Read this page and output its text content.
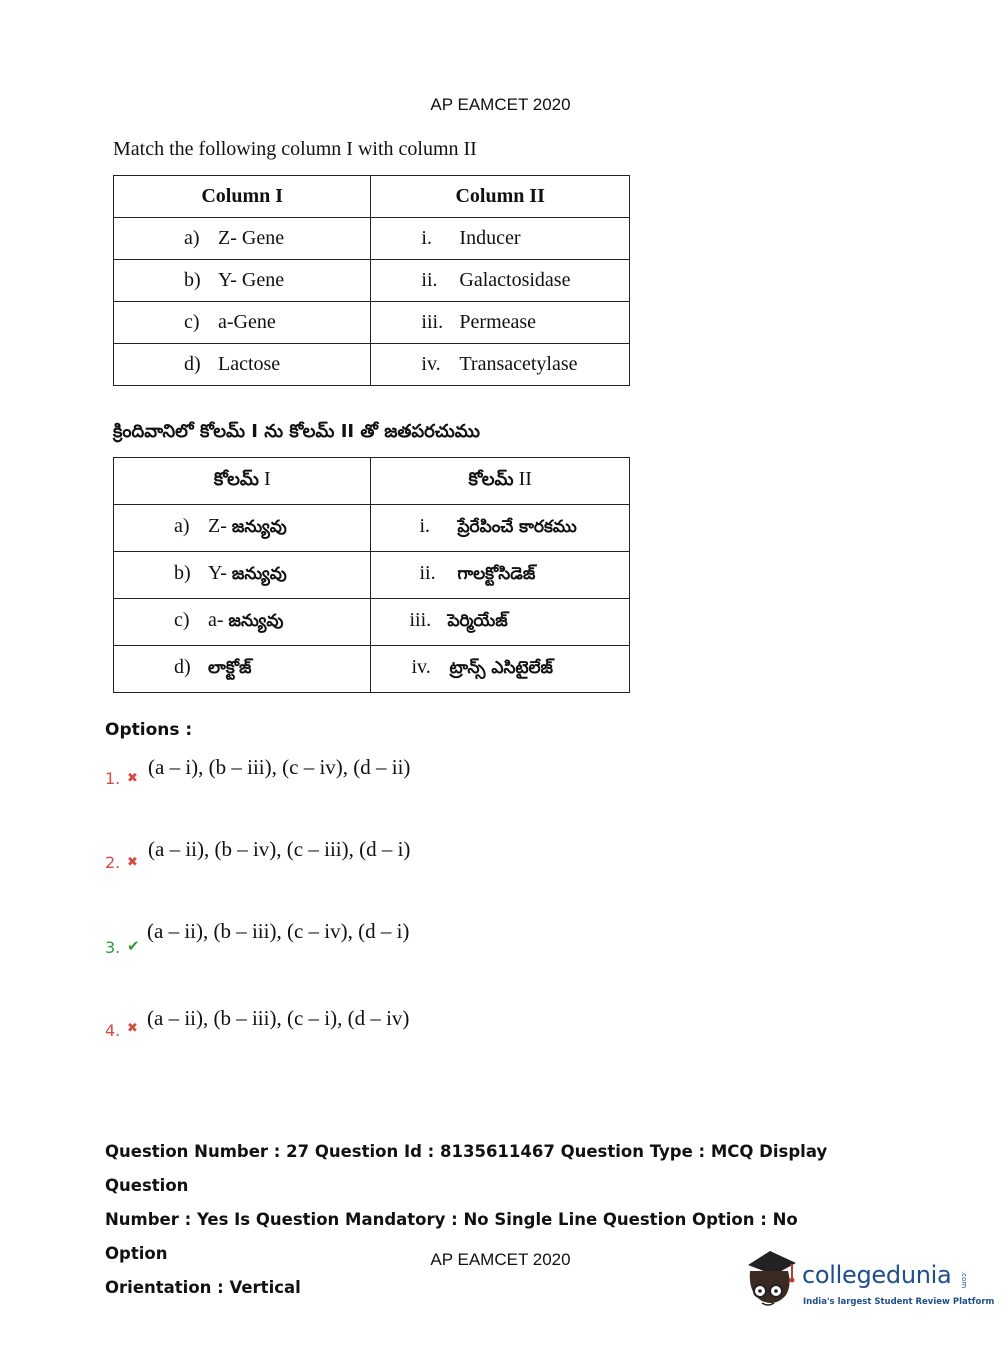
AP EAMCET 2020
Match the following column I with column II
Column I	Column II
a) Z- Gene	i. Inducer
b) Y- Gene	ii. Galactosidase
c) a-Gene	iii. Permease
d) Lactose	iv. Transacetylase
క్రిందివానిలో కోలమ్ I ను కోలమ్ II తో జతపరచుము
కోలమ్ I	కోలమ్ II
a) Z- జన్యువు	i. ప్రేరేపించే కారకము
b) Y- జన్యువు	ii. గాలక్టోసిడెజ్
c) a- జన్యువు	iii. పెర్మియేజ్
d) లాక్టోజ్	iv. ట్రాన్స్ ఎసిటైలేజ్
Options :
1. ✖ (a – i), (b – iii), (c – iv), (d – ii)
2. ✖
(a – ii), (b – iv), (c – iii), (d – i)
3. ✔
(a – ii), (b – iii), (c – iv), (d – i)
4. ✖ (a – ii), (b – iii), (c – i), (d – iv)
Question Number : 27 Question Id : 8135611467 Question Type : MCQ Display Question
Number : Yes Is Question Mandatory : No Single Line Question Option : No Option
Orientation : Vertical
AP EAMCET 2020
collegedunia .com
India's largest Student Review Platform
